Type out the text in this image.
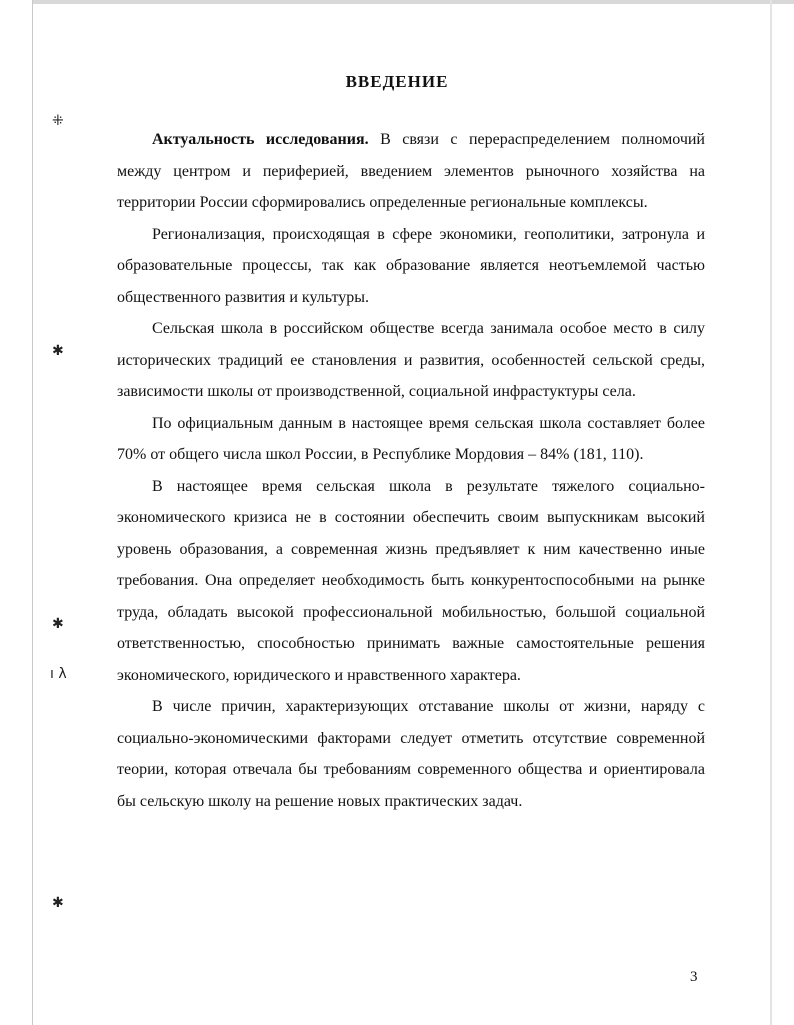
⁜
✱
✱
ı λ
✱
ВВЕДЕНИЕ

Актуальность исследования. В связи с перераспределением полномочий между центром и периферией, введением элементов рыночного хозяйства на территории России сформировались определенные региональные комплексы.

Регионализация, происходящая в сфере экономики, геополитики, затронула и образовательные процессы, так как образование является неотъемлемой частью общественного развития и культуры.

Сельская школа в российском обществе всегда занимала особое место в силу исторических традиций ее становления и развития, особенностей сельской среды, зависимости школы от производственной, социальной инфрастуктуры села.

По официальным данным в настоящее время сельская школа составляет более 70% от общего числа школ России, в Республике Мордовия – 84% (181, 110).

В настоящее время сельская школа в результате тяжелого социально-экономического кризиса не в состоянии обеспечить своим выпускникам высокий уровень образования, а современная жизнь предъявляет к ним качественно иные требования. Она определяет необходимость быть конкурентоспособными на рынке труда, обладать высокой профессиональной мобильностью, большой социальной ответственностью, способностью принимать важные самостоятельные решения экономического, юридического и нравственного характера.

В числе причин, характеризующих отставание школы от жизни, наряду с социально-экономическими факторами следует отметить отсутствие современной теории, которая отвечала бы требованиям современного общества и ориентировала бы сельскую школу на решение новых практических задач.

3
